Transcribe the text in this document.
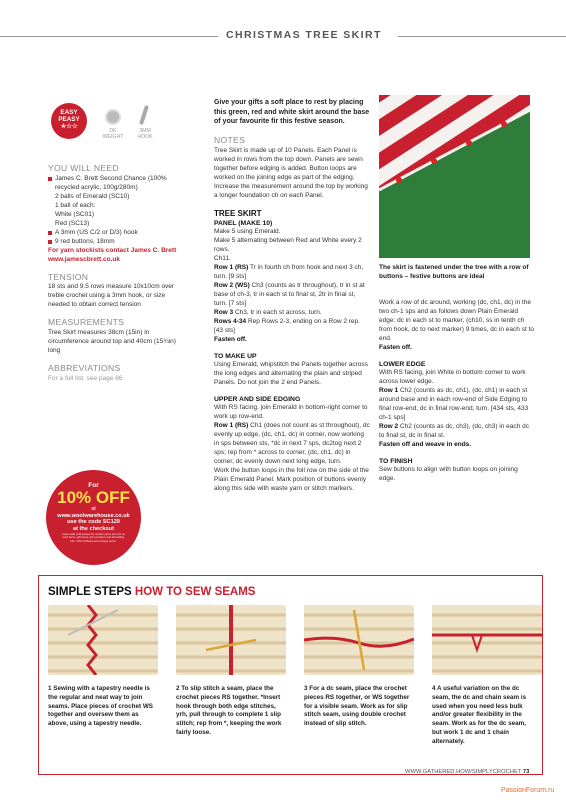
CHRISTMAS TREE SKIRT
EASY
PEASY
★☆☆
DK
WEIGHT
3MM
HOOK
YOU WILL NEED
James C. Brett Second Chance (100% recycled acrylic, 100g/280m)
2 balls of Emerald (SC10)
1 ball of each:
White (SC01)
Red (SC13)
A 3mm (US C/2 or D/3) hook
9 red buttons, 18mm
For yarn stockists contact James C. Brett
www.jamescbrett.co.uk
TENSION
18 sts and 9.5 rows measure 10x10cm over treble crochet using a 3mm hook, or size needed to obtain correct tension
MEASUREMENTS
Tree Skirt measures 38cm (15in) in circumference around top and 40cm (15¾in) long
ABBREVIATIONS
For a full list, see page 86
For
10% OFF
at
www.woolwarehouse.co.uk
use the code SC129
at the checkout
Code valid until quoted for certain yarns and not on sale items, gift items, gift vouchers and all knitting kits. 10% off Bees and vintage yarns.
Give your gifts a soft place to rest by placing this green, red and white skirt around the base of your favourite fir this festive season.
NOTES
Tree Skirt is made up of 10 Panels. Each Panel is worked in rows from the top down. Panels are sewn together before edging is added. Button loops are worked on the joining edge as part of the edging. Increase the measurement around the top by working a longer foundation ch on each Panel.
TREE SKIRT
PANEL (MAKE 10)
Make 5 using Emerald.
Make 5 alternating between Red and White every 2 rows.
Ch11.
Row 1 (RS) Tr in fourth ch from hook and next 3 ch, turn. [9 sts]
Row 2 (WS) Ch3 (counts as tr throughout), tr in st at base of ch-3, tr in each st to final st, 2tr in final st, turn. [7 sts]
Row 3 Ch3, tr in each st across, turn.
Rows 4-34 Rep Rows 2-3, ending on a Row 2 rep. [43 sts]
Fasten off.
TO MAKE UP
Using Emerald, whipstitch the Panels together across the long edges and alternating the plain and striped Panels. Do not join the 2 end Panels.
UPPER AND SIDE EDGING
With RS facing, join Emerald in bottom-right corner to work up row-end.
Row 1 (RS) Ch1 (does not count as st throughout), dc evenly up edge, (dc, ch1, dc) in corner, now working in sps between sts, *dc in next 7 sps, dc2tog next 2 sps; rep from * across to corner, (dc, ch1, dc) in corner, dc evenly down next long edge, turn.
Work the button loops in the foll row on the side of the Plain Emerald Panel. Mark position of buttons evenly along this side with waste yarn or stitch markers.
The skirt is fastened under the tree with a row of buttons – festive buttons are ideal
Work a row of dc around, working (dc, ch1, dc) in the two ch-1 sps and as follows down Plain Emerald edge: dc in each st to marker, (ch10, ss in tenth ch from hook, dc to next marker) 9 times, dc in each st to end.
Fasten off.
LOWER EDGE
With RS facing, join White in bottom corner to work across lower edge.
Row 1 Ch2 (counts as dc, ch1), (dc, ch1) in each st around base and in each row-end of Side Edging to final row-end, dc in final row-end, turn. [434 sts, 433 ch-1 sps]
Row 2 Ch2 (counts as dc, ch3), (dc, ch3) in each dc to final st, dc in final st.
Fasten off and weave in ends.
TO FINISH
Sew buttons to align with button loops on joining edge.
SIMPLE STEPS HOW TO SEW SEAMS
1 Sewing with a tapestry needle is the regular and neat way to join seams. Place pieces of crochet WS together and oversew them as above, using a tapestry needle.
2 To slip stitch a seam, place the crochet pieces RS together. *Insert hook through both edge stitches, yrh, pull through to complete 1 slip stitch; rep from *, keeping the work fairly loose.
3 For a dc seam, place the crochet pieces RS together, or WS together for a visible seam. Work as for slip stitch seam, using double crochet instead of slip stitch.
4 A useful variation on the dc seam, the dc and chain seam is used when you need less bulk and/or greater flexibility in the seam. Work as for the dc seam, but work 1 dc and 1 chain alternately.
WWW.GATHERED.HOW/SIMPLYCROCHET 73
PassionForum.ru
